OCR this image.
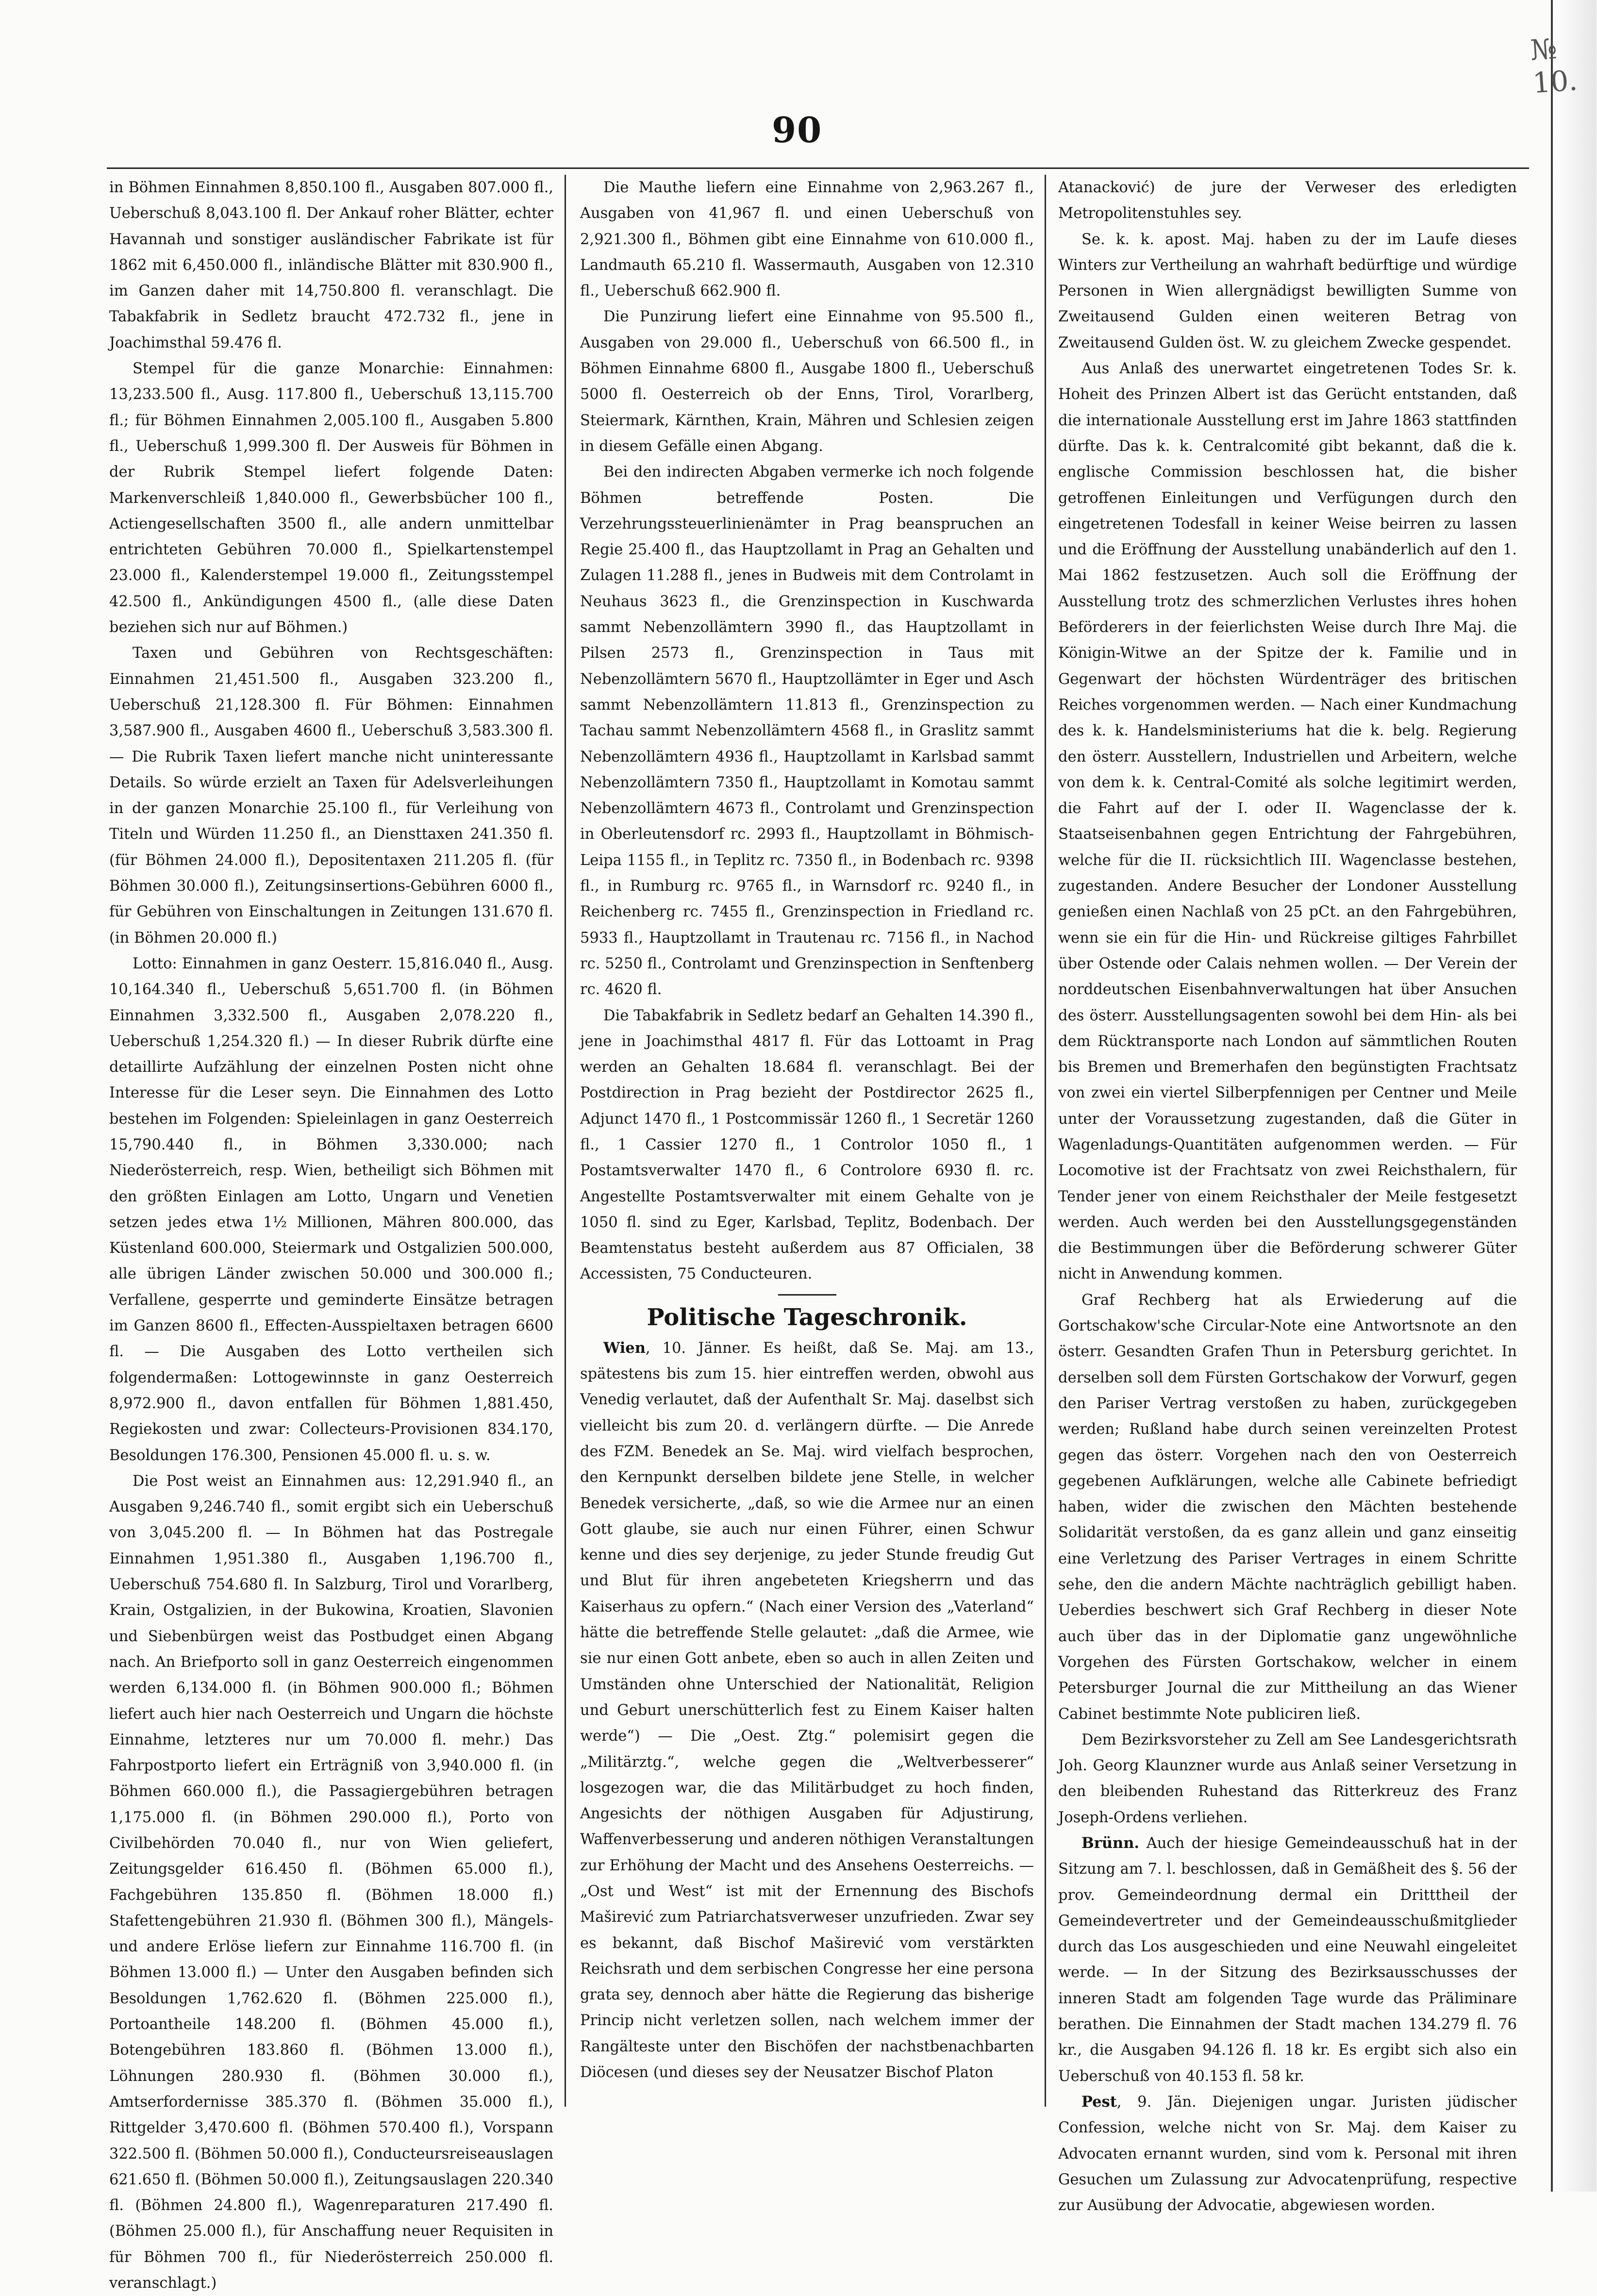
№ 10.
90

in Böhmen Einnahmen 8,850.100 fl., Ausgaben 807.000 fl., Ueberschuß 8,043.100 fl. Der Ankauf roher Blätter, echter Havannah und sonstiger ausländischer Fabrikate ist für 1862 mit 6,450.000 fl., inländische Blätter mit 830.900 fl., im Ganzen daher mit 14,750.800 fl. veranschlagt. Die Tabakfabrik in Sedletz braucht 472.732 fl., jene in Joachimsthal 59.476 fl.

Stempel für die ganze Monarchie: Einnahmen: 13,233.500 fl., Ausg. 117.800 fl., Ueberschuß 13,115.700 fl.; für Böhmen Einnahmen 2,005.100 fl., Ausgaben 5.800 fl., Ueberschuß 1,999.300 fl. Der Ausweis für Böhmen in der Rubrik Stempel liefert folgende Daten: Markenverschleiß 1,840.000 fl., Gewerbsbücher 100 fl., Actiengesellschaften 3500 fl., alle andern unmittelbar entrichteten Gebühren 70.000 fl., Spielkartenstempel 23.000 fl., Kalenderstempel 19.000 fl., Zeitungsstempel 42.500 fl., Ankündigungen 4500 fl., (alle diese Daten beziehen sich nur auf Böhmen.)

Taxen und Gebühren von Rechtsgeschäften: Einnahmen 21,451.500 fl., Ausgaben 323.200 fl., Ueberschuß 21,128.300 fl. Für Böhmen: Einnahmen 3,587.900 fl., Ausgaben 4600 fl., Ueberschuß 3,583.300 fl. — Die Rubrik Taxen liefert manche nicht uninteressante Details. So würde erzielt an Taxen für Adelsverleihungen in der ganzen Monarchie 25.100 fl., für Verleihung von Titeln und Würden 11.250 fl., an Diensttaxen 241.350 fl. (für Böhmen 24.000 fl.), Depositentaxen 211.205 fl. (für Böhmen 30.000 fl.), Zeitungsinsertions-Gebühren 6000 fl., für Gebühren von Einschaltungen in Zeitungen 131.670 fl. (in Böhmen 20.000 fl.)

Lotto: Einnahmen in ganz Oesterr. 15,816.040 fl., Ausg. 10,164.340 fl., Ueberschuß 5,651.700 fl. (in Böhmen Einnahmen 3,332.500 fl., Ausgaben 2,078.220 fl., Ueberschuß 1,254.320 fl.) — In dieser Rubrik dürfte eine detaillirte Aufzählung der einzelnen Posten nicht ohne Interesse für die Leser seyn. Die Einnahmen des Lotto bestehen im Folgenden: Spieleinlagen in ganz Oesterreich 15,790.440 fl., in Böhmen 3,330.000; nach Niederösterreich, resp. Wien, betheiligt sich Böhmen mit den größten Einlagen am Lotto, Ungarn und Venetien setzen jedes etwa 1½ Millionen, Mähren 800.000, das Küstenland 600.000, Steiermark und Ostgalizien 500.000, alle übrigen Länder zwischen 50.000 und 300.000 fl.; Verfallene, gesperrte und geminderte Einsätze betragen im Ganzen 8600 fl., Effecten-Ausspieltaxen betragen 6600 fl. — Die Ausgaben des Lotto vertheilen sich folgendermaßen: Lottogewinnste in ganz Oesterreich 8,972.900 fl., davon entfallen für Böhmen 1,881.450, Regiekosten und zwar: Collecteurs-Provisionen 834.170, Besoldungen 176.300, Pensionen 45.000 fl. u. s. w.

Die Post weist an Einnahmen aus: 12,291.940 fl., an Ausgaben 9,246.740 fl., somit ergibt sich ein Ueberschuß von 3,045.200 fl. — In Böhmen hat das Postregale Einnahmen 1,951.380 fl., Ausgaben 1,196.700 fl., Ueberschuß 754.680 fl. In Salzburg, Tirol und Vorarlberg, Krain, Ostgalizien, in der Bukowina, Kroatien, Slavonien und Siebenbürgen weist das Postbudget einen Abgang nach. An Briefporto soll in ganz Oesterreich eingenommen werden 6,134.000 fl. (in Böhmen 900.000 fl.; Böhmen liefert auch hier nach Oesterreich und Ungarn die höchste Einnahme, letzteres nur um 70.000 fl. mehr.) Das Fahrpostporto liefert ein Erträgniß von 3,940.000 fl. (in Böhmen 660.000 fl.), die Passagiergebühren betragen 1,175.000 fl. (in Böhmen 290.000 fl.), Porto von Civilbehörden 70.040 fl., nur von Wien geliefert, Zeitungsgelder 616.450 fl. (Böhmen 65.000 fl.), Fachgebühren 135.850 fl. (Böhmen 18.000 fl.) Stafettengebühren 21.930 fl. (Böhmen 300 fl.), Mängels- und andere Erlöse liefern zur Einnahme 116.700 fl. (in Böhmen 13.000 fl.) — Unter den Ausgaben befinden sich Besoldungen 1,762.620 fl. (Böhmen 225.000 fl.), Portoantheile 148.200 fl. (Böhmen 45.000 fl.), Botengebühren 183.860 fl. (Böhmen 13.000 fl.), Löhnungen 280.930 fl. (Böhmen 30.000 fl.), Amtserfordernisse 385.370 fl. (Böhmen 35.000 fl.), Rittgelder 3,470.600 fl. (Böhmen 570.400 fl.), Vorspann 322.500 fl. (Böhmen 50.000 fl.), Conducteursreiseauslagen 621.650 fl. (Böhmen 50.000 fl.), Zeitungsauslagen 220.340 fl. (Böhmen 24.800 fl.), Wagenreparaturen 217.490 fl. (Böhmen 25.000 fl.), für Anschaffung neuer Requisiten in für Böhmen 700 fl., für Niederösterreich 250.000 fl. veranschlagt.)

Die Mauthe liefern eine Einnahme von 2,963.267 fl., Ausgaben von 41,967 fl. und einen Ueberschuß von 2,921.300 fl., Böhmen gibt eine Einnahme von 610.000 fl., Landmauth 65.210 fl. Wassermauth, Ausgaben von 12.310 fl., Ueberschuß 662.900 fl.

Die Punzirung liefert eine Einnahme von 95.500 fl., Ausgaben von 29.000 fl., Ueberschuß von 66.500 fl., in Böhmen Einnahme 6800 fl., Ausgabe 1800 fl., Ueberschuß 5000 fl. Oesterreich ob der Enns, Tirol, Vorarlberg, Steiermark, Kärnthen, Krain, Mähren und Schlesien zeigen in diesem Gefälle einen Abgang.

Bei den indirecten Abgaben vermerke ich noch folgende Böhmen betreffende Posten. Die Verzehrungssteuerlinienämter in Prag beanspruchen an Regie 25.400 fl., das Hauptzollamt in Prag an Gehalten und Zulagen 11.288 fl., jenes in Budweis mit dem Controlamt in Neuhaus 3623 fl., die Grenzinspection in Kuschwarda sammt Nebenzollämtern 3990 fl., das Hauptzollamt in Pilsen 2573 fl., Grenzinspection in Taus mit Nebenzollämtern 5670 fl., Hauptzollämter in Eger und Asch sammt Nebenzollämtern 11.813 fl., Grenzinspection zu Tachau sammt Nebenzollämtern 4568 fl., in Graslitz sammt Nebenzollämtern 4936 fl., Hauptzollamt in Karlsbad sammt Nebenzollämtern 7350 fl., Hauptzollamt in Komotau sammt Nebenzollämtern 4673 fl., Controlamt und Grenzinspection in Oberleutensdorf rc. 2993 fl., Hauptzollamt in Böhmisch-Leipa 1155 fl., in Teplitz rc. 7350 fl., in Bodenbach rc. 9398 fl., in Rumburg rc. 9765 fl., in Warnsdorf rc. 9240 fl., in Reichenberg rc. 7455 fl., Grenzinspection in Friedland rc. 5933 fl., Hauptzollamt in Trautenau rc. 7156 fl., in Nachod rc. 5250 fl., Controlamt und Grenzinspection in Senftenberg rc. 4620 fl.

Die Tabakfabrik in Sedletz bedarf an Gehalten 14.390 fl., jene in Joachimsthal 4817 fl. Für das Lottoamt in Prag werden an Gehalten 18.684 fl. veranschlagt. Bei der Postdirection in Prag bezieht der Postdirector 2625 fl., Adjunct 1470 fl., 1 Postcommissär 1260 fl., 1 Secretär 1260 fl., 1 Cassier 1270 fl., 1 Controlor 1050 fl., 1 Postamtsverwalter 1470 fl., 6 Controlore 6930 fl. rc. Angestellte Postamtsverwalter mit einem Gehalte von je 1050 fl. sind zu Eger, Karlsbad, Teplitz, Bodenbach. Der Beamtenstatus besteht außerdem aus 87 Officialen, 38 Accessisten, 75 Conducteuren.

Politische Tageschronik.

Wien, 10. Jänner. Es heißt, daß Se. Maj. am 13., spätestens bis zum 15. hier eintreffen werden, obwohl aus Venedig verlautet, daß der Aufenthalt Sr. Maj. daselbst sich vielleicht bis zum 20. d. verlängern dürfte. — Die Anrede des FZM. Benedek an Se. Maj. wird vielfach besprochen, den Kernpunkt derselben bildete jene Stelle, in welcher Benedek versicherte, „daß, so wie die Armee nur an einen Gott glaube, sie auch nur einen Führer, einen Schwur kenne und dies sey derjenige, zu jeder Stunde freudig Gut und Blut für ihren angebeteten Kriegsherrn und das Kaiserhaus zu opfern.“ (Nach einer Version des „Vaterland“ hätte die betreffende Stelle gelautet: „daß die Armee, wie sie nur einen Gott anbete, eben so auch in allen Zeiten und Umständen ohne Unterschied der Nationalität, Religion und Geburt unerschütterlich fest zu Einem Kaiser halten werde“) — Die „Oest. Ztg.“ polemisirt gegen die „Militärztg.“, welche gegen die „Weltverbesserer“ losgezogen war, die das Militärbudget zu hoch finden, Angesichts der nöthigen Ausgaben für Adjustirung, Waffenverbesserung und anderen nöthigen Veranstaltungen zur Erhöhung der Macht und des Ansehens Oesterreichs. — „Ost und West“ ist mit der Ernennung des Bischofs Maširević zum Patriarchatsverweser unzufrieden. Zwar sey es bekannt, daß Bischof Maširević vom verstärkten Reichsrath und dem serbischen Congresse her eine persona grata sey, dennoch aber hätte die Regierung das bisherige Princip nicht verletzen sollen, nach welchem immer der Rangälteste unter den Bischöfen der nachstbenachbarten Diöcesen (und dieses sey der Neusatzer Bischof Platon

Atanacković) de jure der Verweser des erledigten Metropolitenstuhles sey.

Se. k. k. apost. Maj. haben zu der im Laufe dieses Winters zur Vertheilung an wahrhaft bedürftige und würdige Personen in Wien allergnädigst bewilligten Summe von Zweitausend Gulden einen weiteren Betrag von Zweitausend Gulden öst. W. zu gleichem Zwecke gespendet.

Aus Anlaß des unerwartet eingetretenen Todes Sr. k. Hoheit des Prinzen Albert ist das Gerücht entstanden, daß die internationale Ausstellung erst im Jahre 1863 stattfinden dürfte. Das k. k. Centralcomité gibt bekannt, daß die k. englische Commission beschlossen hat, die bisher getroffenen Einleitungen und Verfügungen durch den eingetretenen Todesfall in keiner Weise beirren zu lassen und die Eröffnung der Ausstellung unabänderlich auf den 1. Mai 1862 festzusetzen. Auch soll die Eröffnung der Ausstellung trotz des schmerzlichen Verlustes ihres hohen Beförderers in der feierlichsten Weise durch Ihre Maj. die Königin-Witwe an der Spitze der k. Familie und in Gegenwart der höchsten Würdenträger des britischen Reiches vorgenommen werden. — Nach einer Kundmachung des k. k. Handelsministeriums hat die k. belg. Regierung den österr. Ausstellern, Industriellen und Arbeitern, welche von dem k. k. Central-Comité als solche legitimirt werden, die Fahrt auf der I. oder II. Wagenclasse der k. Staatseisenbahnen gegen Entrichtung der Fahrgebühren, welche für die II. rücksichtlich III. Wagenclasse bestehen, zugestanden. Andere Besucher der Londoner Ausstellung genießen einen Nachlaß von 25 pCt. an den Fahrgebühren, wenn sie ein für die Hin- und Rückreise giltiges Fahrbillet über Ostende oder Calais nehmen wollen. — Der Verein der norddeutschen Eisenbahnverwaltungen hat über Ansuchen des österr. Ausstellungsagenten sowohl bei dem Hin- als bei dem Rücktransporte nach London auf sämmtlichen Routen bis Bremen und Bremerhafen den begünstigten Frachtsatz von zwei ein viertel Silberpfennigen per Centner und Meile unter der Voraussetzung zugestanden, daß die Güter in Wagenladungs-Quantitäten aufgenommen werden. — Für Locomotive ist der Frachtsatz von zwei Reichsthalern, für Tender jener von einem Reichsthaler der Meile festgesetzt werden. Auch werden bei den Ausstellungsgegenständen die Bestimmungen über die Beförderung schwerer Güter nicht in Anwendung kommen.

Graf Rechberg hat als Erwiederung auf die Gortschakow'sche Circular-Note eine Antwortsnote an den österr. Gesandten Grafen Thun in Petersburg gerichtet. In derselben soll dem Fürsten Gortschakow der Vorwurf, gegen den Pariser Vertrag verstoßen zu haben, zurückgegeben werden; Rußland habe durch seinen vereinzelten Protest gegen das österr. Vorgehen nach den von Oesterreich gegebenen Aufklärungen, welche alle Cabinete befriedigt haben, wider die zwischen den Mächten bestehende Solidarität verstoßen, da es ganz allein und ganz einseitig eine Verletzung des Pariser Vertrages in einem Schritte sehe, den die andern Mächte nachträglich gebilligt haben. Ueberdies beschwert sich Graf Rechberg in dieser Note auch über das in der Diplomatie ganz ungewöhnliche Vorgehen des Fürsten Gortschakow, welcher in einem Petersburger Journal die zur Mittheilung an das Wiener Cabinet bestimmte Note publiciren ließ.

Dem Bezirksvorsteher zu Zell am See Landesgerichtsrath Joh. Georg Klaunzner wurde aus Anlaß seiner Versetzung in den bleibenden Ruhestand das Ritterkreuz des Franz Joseph-Ordens verliehen.

Brünn. Auch der hiesige Gemeindeausschuß hat in der Sitzung am 7. l. beschlossen, daß in Gemäßheit des §. 56 der prov. Gemeindeordnung dermal ein Dritttheil der Gemeindevertreter und der Gemeindeausschußmitglieder durch das Los ausgeschieden und eine Neuwahl eingeleitet werde. — In der Sitzung des Bezirksausschusses der inneren Stadt am folgenden Tage wurde das Präliminare berathen. Die Einnahmen der Stadt machen 134.279 fl. 76 kr., die Ausgaben 94.126 fl. 18 kr. Es ergibt sich also ein Ueberschuß von 40.153 fl. 58 kr.

Pest, 9. Jän. Diejenigen ungar. Juristen jüdischer Confession, welche nicht von Sr. Maj. dem Kaiser zu Advocaten ernannt wurden, sind vom k. Personal mit ihren Gesuchen um Zulassung zur Advocatenprüfung, respective zur Ausübung der Advocatie, abgewiesen worden.
